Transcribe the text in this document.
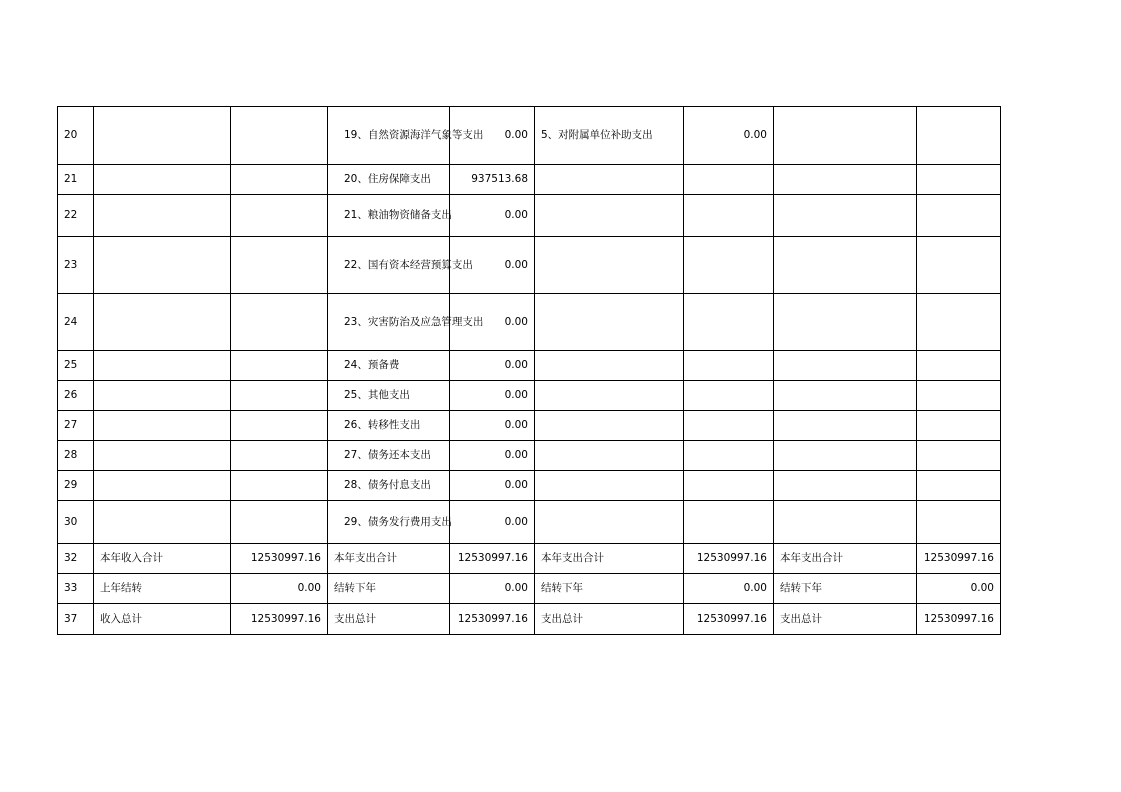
20			19、自然资源海洋气象等支出	0.00	5、对附属单位补助支出	0.00		
21			20、住房保障支出	937513.68				
22			21、粮油物资储备支出	0.00				
23			22、国有资本经营预算支出	0.00				
24			23、灾害防治及应急管理支出	0.00				
25			24、预备费	0.00				
26			25、其他支出	0.00				
27			26、转移性支出	0.00				
28			27、债务还本支出	0.00				
29			28、债务付息支出	0.00				
30			29、债务发行费用支出	0.00				
32	本年收入合计	12530997.16	本年支出合计	12530997.16	本年支出合计	12530997.16	本年支出合计	12530997.16
33	上年结转	0.00	结转下年	0.00	结转下年	0.00	结转下年	0.00
37	收入总计	12530997.16	支出总计	12530997.16	支出总计	12530997.16	支出总计	12530997.16
